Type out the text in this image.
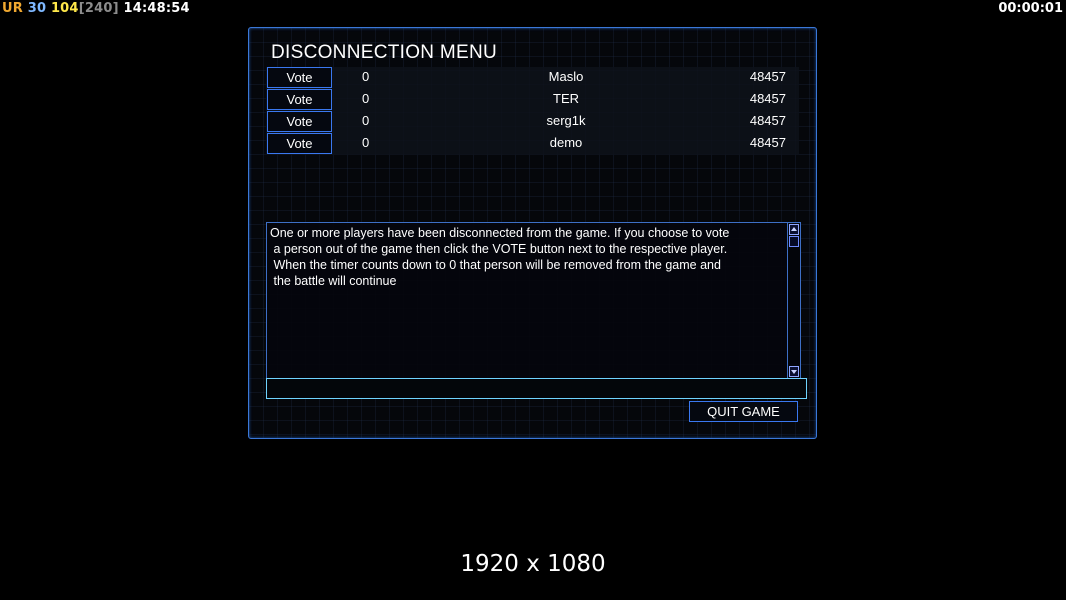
UR 30 104[240] 14:48:54	00:00:01
DISCONNECTION MENU
Vote	0	Maslo	48457
Vote	0	TER	48457
Vote	0	serg1k	48457
Vote	0	demo	48457
One or more players have been disconnected from the game. If you choose to vote
a person out of the game then click the VOTE button next to the respective player.
When the timer counts down to 0 that person will be removed from the game and
the battle will continue
QUIT GAME
1920 x 1080
